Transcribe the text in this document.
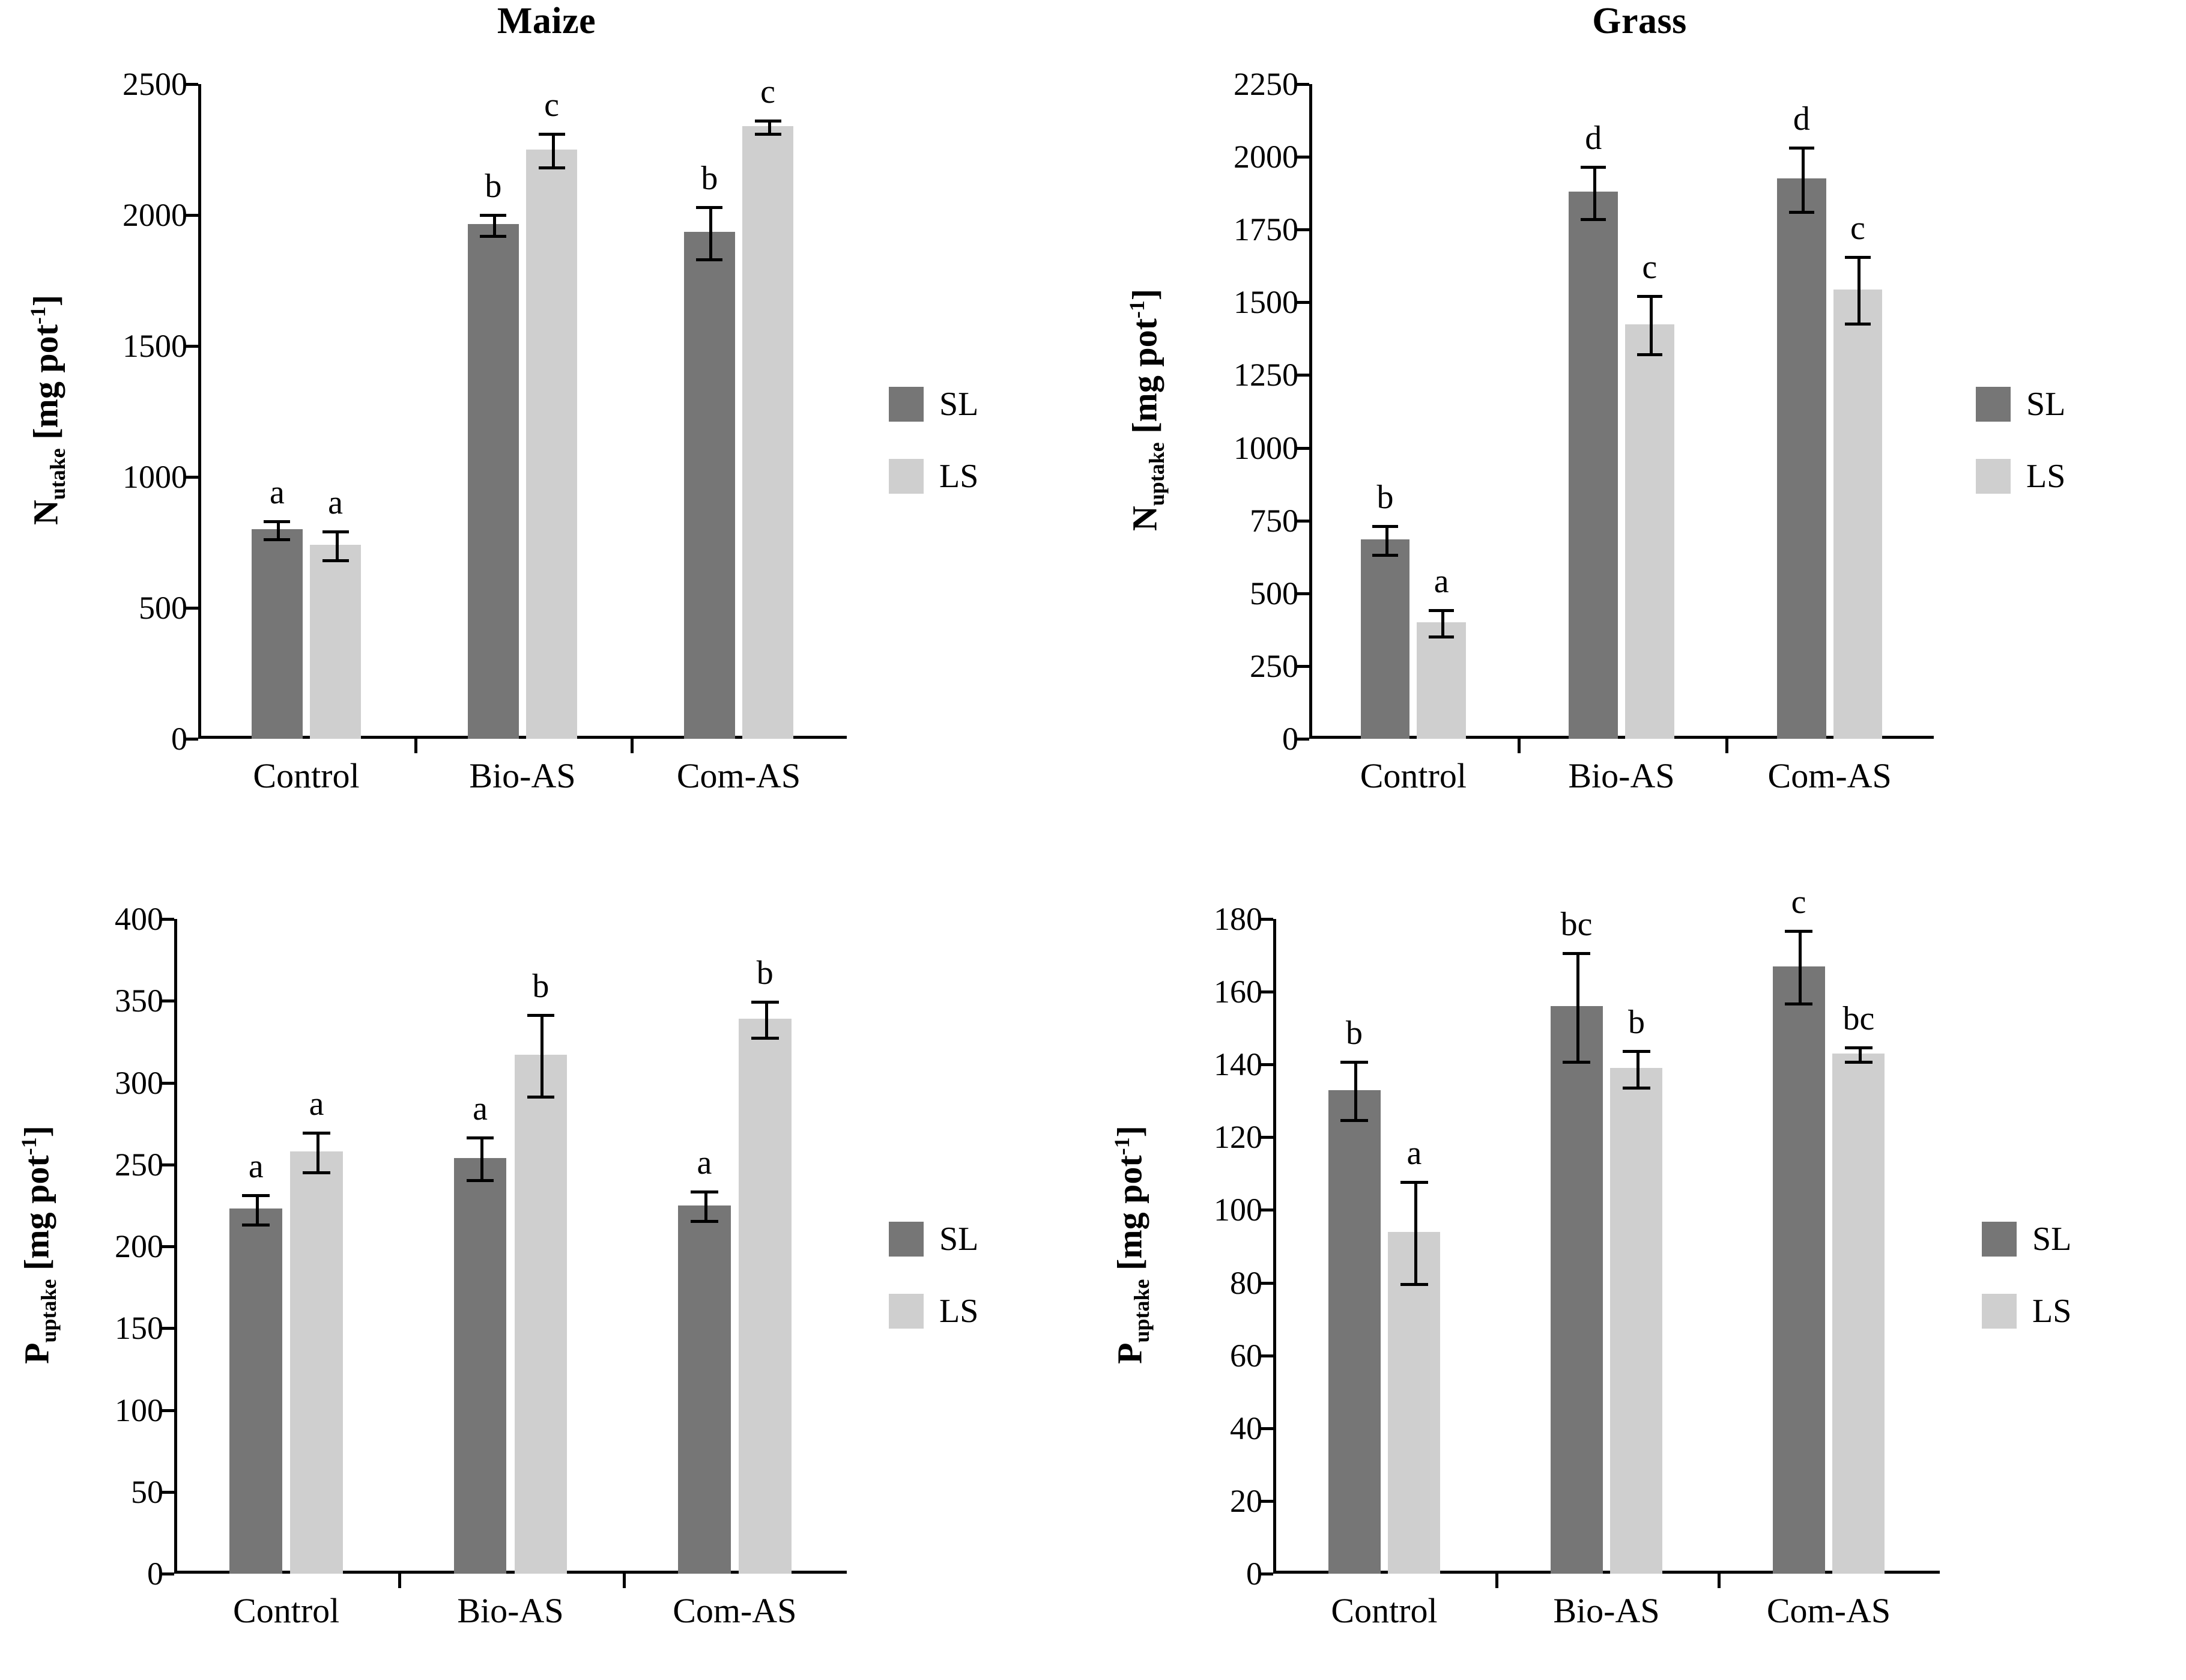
Maize
0
500
1000
1500
2000
2500
a a
Control
b
c
Bio-AS
b
c
Com-AS
$N_{utake}$ [mg pot$^{-1}$]
SL
LS
Grass
0
250
500
750
1000
1250
1500
1750
2000
2250
b
a
Control
d
c
Bio-AS
d
c
Com-AS
$N_{uptake}$ [mg pot$^{-1}$]
SL
LS
0
50
100
150
200
250
300
350
400
a
a
Control
a
b
Bio-AS
a
b
Com-AS
$P_{uptake}$ [mg pot$^{-1}$]
SL
LS
0
20
40
60
80
100
120
140
160
180
b
a
Control
bc
b
Bio-AS
c
bc
Com-AS
$P_{uptake}$ [mg pot$^{-1}$]
SL
LS
